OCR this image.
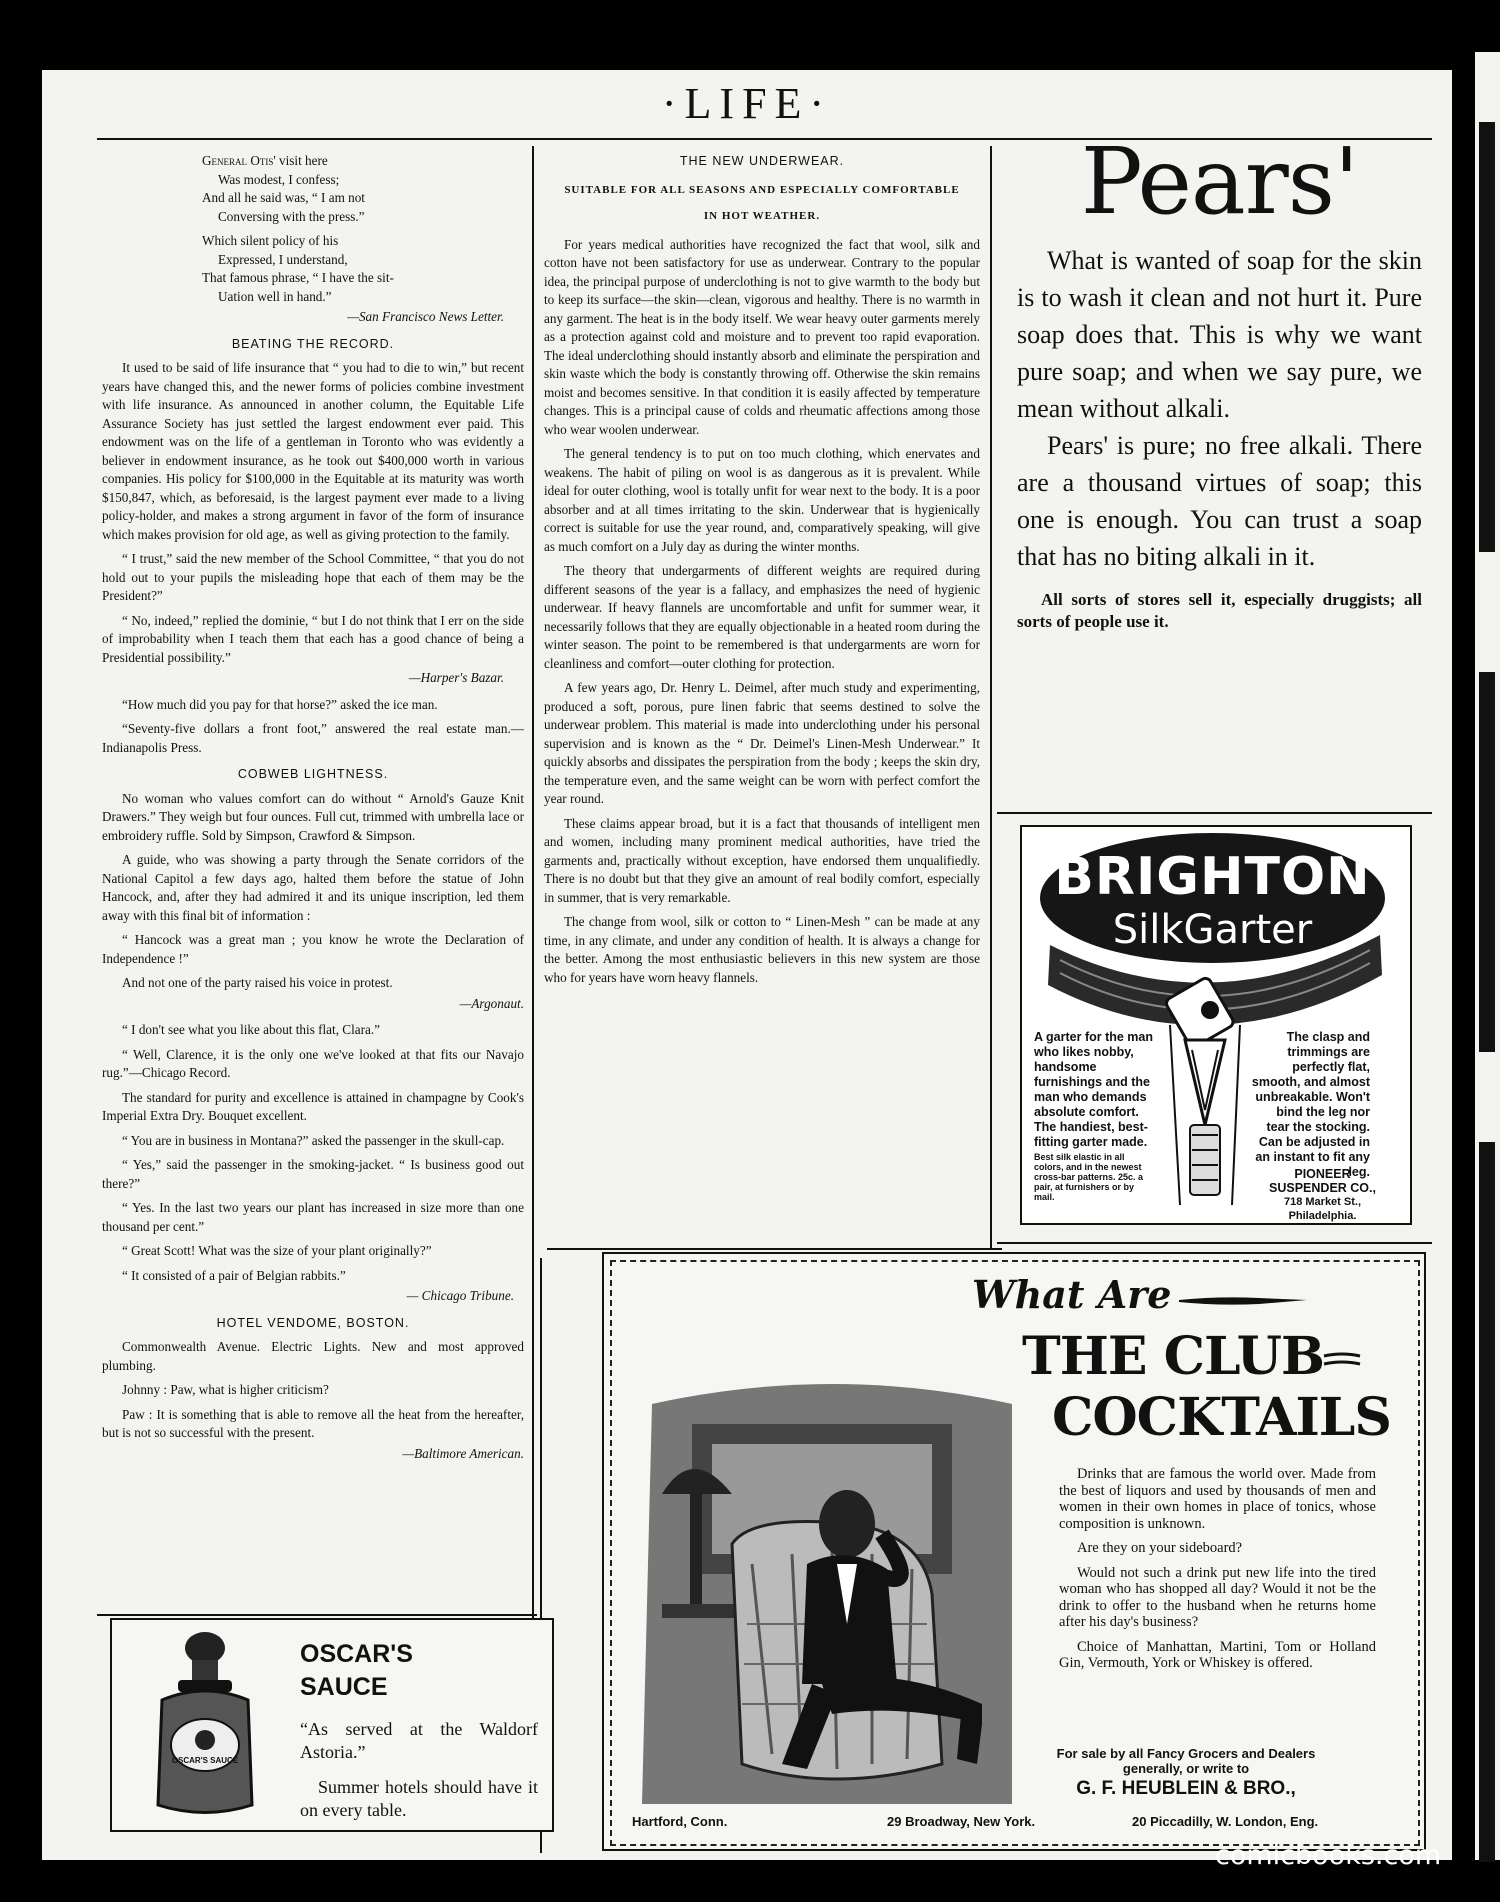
·LIFE·
General Otis' visit here
Was modest, I confess;
And all he said was, “ I am not
Conversing with the press.”
Which silent policy of his
Expressed, I understand,
That famous phrase, “ I have the sit-
Uation well in hand.”
—San Francisco News Letter.
BEATING THE RECORD.

It used to be said of life insurance that “ you had to die to win,” but recent years have changed this, and the newer forms of policies combine investment with life insurance. As announced in another column, the Equitable Life Assurance Society has just settled the largest endowment ever paid. This endowment was on the life of a gentleman in Toronto who was evidently a believer in endowment insurance, as he took out $400,000 worth in various companies. His policy for $100,000 in the Equitable at its maturity was worth $150,847, which, as beforesaid, is the largest payment ever made to a living policy-holder, and makes a strong argument in favor of the form of insurance which makes provision for old age, as well as giving protection to the family.

“ I trust,” said the new member of the School Committee, “ that you do not hold out to your pupils the misleading hope that each of them may be the President?”

“ No, indeed,” replied the dominie, “ but I do not think that I err on the side of improbability when I teach them that each has a good chance of being a Presidential possibility.”

—Harper's Bazar.

“How much did you pay for that horse?” asked the ice man.

“Seventy-five dollars a front foot,” answered the real estate man.—Indianapolis Press.

COBWEB LIGHTNESS.

No woman who values comfort can do without “ Arnold's Gauze Knit Drawers.” They weigh but four ounces. Full cut, trimmed with umbrella lace or embroidery ruffle. Sold by Simpson, Crawford & Simpson.

A guide, who was showing a party through the Senate corridors of the National Capitol a few days ago, halted them before the statue of John Hancock, and, after they had admired it and its unique inscription, led them away with this final bit of information :

“ Hancock was a great man ; you know he wrote the Declaration of Independence !”

And not one of the party raised his voice in protest.

—Argonaut.

“ I don't see what you like about this flat, Clara.”

“ Well, Clarence, it is the only one we've looked at that fits our Navajo rug.”—Chicago Record.

The standard for purity and excellence is attained in champagne by Cook's Imperial Extra Dry. Bouquet excellent.

“ You are in business in Montana?” asked the passenger in the skull-cap.

“ Yes,” said the passenger in the smoking-jacket. “ Is business good out there?”

“ Yes. In the last two years our plant has increased in size more than one thousand per cent.”

“ Great Scott! What was the size of your plant originally?”

“ It consisted of a pair of Belgian rabbits.”

— Chicago Tribune.
HOTEL VENDOME, BOSTON.

Commonwealth Avenue. Electric Lights. New and most approved plumbing.

Johnny : Paw, what is higher criticism?

Paw : It is something that is able to remove all the heat from the hereafter, but is not so successful with the present.

—Baltimore American.
THE NEW UNDERWEAR.
SUITABLE FOR ALL SEASONS AND ESPECIALLY COMFORTABLE
IN HOT WEATHER.

For years medical authorities have recognized the fact that wool, silk and cotton have not been satisfactory for use as underwear. Contrary to the popular idea, the principal purpose of underclothing is not to give warmth to the body but to keep its surface—the skin—clean, vigorous and healthy. There is no warmth in any garment. The heat is in the body itself. We wear heavy outer garments merely as a protection against cold and moisture and to prevent too rapid evaporation. The ideal underclothing should instantly absorb and eliminate the perspiration and skin waste which the body is constantly throwing off. Otherwise the skin remains moist and becomes sensitive. In that condition it is easily affected by temperature changes. This is a principal cause of colds and rheumatic affections among those who wear woolen underwear.

The general tendency is to put on too much clothing, which enervates and weakens. The habit of piling on wool is as dangerous as it is prevalent. While ideal for outer clothing, wool is totally unfit for wear next to the body. It is a poor absorber and at all times irritating to the skin. Underwear that is hygienically correct is suitable for use the year round, and, comparatively speaking, will give as much comfort on a July day as during the winter months.

The theory that undergarments of different weights are required during different seasons of the year is a fallacy, and emphasizes the need of hygienic underwear. If heavy flannels are uncomfortable and unfit for summer wear, it necessarily follows that they are equally objectionable in a heated room during the winter season. The point to be remembered is that undergarments are worn for cleanliness and comfort—outer clothing for protection.

A few years ago, Dr. Henry L. Deimel, after much study and experimenting, produced a soft, porous, pure linen fabric that seems destined to solve the underwear problem. This material is made into underclothing under his personal supervision and is known as the “ Dr. Deimel's Linen-Mesh Underwear.” It quickly absorbs and dissipates the perspiration from the body ; keeps the skin dry, the temperature even, and the same weight can be worn with perfect comfort the year round.

These claims appear broad, but it is a fact that thousands of intelligent men and women, including many prominent medical authorities, have tried the garments and, practically without exception, have endorsed them unqualifiedly. There is no doubt but that they give an amount of real bodily comfort, especially in summer, that is very remarkable.

The change from wool, silk or cotton to “ Linen-Mesh ” can be made at any time, in any climate, and under any condition of health. It is always a change for the better. Among the most enthusiastic believers in this new system are those who for years have worn heavy flannels.

Pears'

What is wanted of soap for the skin is to wash it clean and not hurt it. Pure soap does that. This is why we want pure soap; and when we say pure, we mean without alkali.

Pears' is pure; no free alkali. There are a thousand virtues of soap; this one is enough. You can trust a soap that has no biting alkali in it.

All sorts of stores sell it, especially druggists; all sorts of people use it.

BRIGHTON
SilkGarter
A garter for the man who likes nobby, handsome furnishings and the man who demands absolute comfort. The handiest, best-fitting garter made.
Best silk elastic in all colors, and in the newest cross-bar patterns. 25c. a pair, at furnishers or by mail.
The clasp and trimmings are perfectly flat, smooth, and almost unbreakable. Won't bind the leg nor tear the stocking. Can be adjusted in an instant to fit any leg.
PIONEER
SUSPENDER CO.,
718 Market St.,
Philadelphia.
OSCAR'S SAUCE
OSCAR'S
SAUCE

“As served at the Waldorf Astoria.”

Summer hotels should have it on every table.

What Are
THE CLUB
COCKTAILS

Drinks that are famous the world over. Made from the best of liquors and used by thousands of men and women in their own homes in place of tonics, whose composition is unknown.

Are they on your sideboard?

Would not such a drink put new life into the tired woman who has shopped all day? Would it not be the drink to offer to the husband when he returns home after his day's business?

Choice of Manhattan, Martini, Tom or Holland Gin, Vermouth, York or Whiskey is offered.

For sale by all Fancy Grocers and Dealers
generally, or write to
G. F. HEUBLEIN & BRO.,
Hartford, Conn.	29 Broadway, New York.	20 Piccadilly, W. London, Eng.
comicbooks.com
